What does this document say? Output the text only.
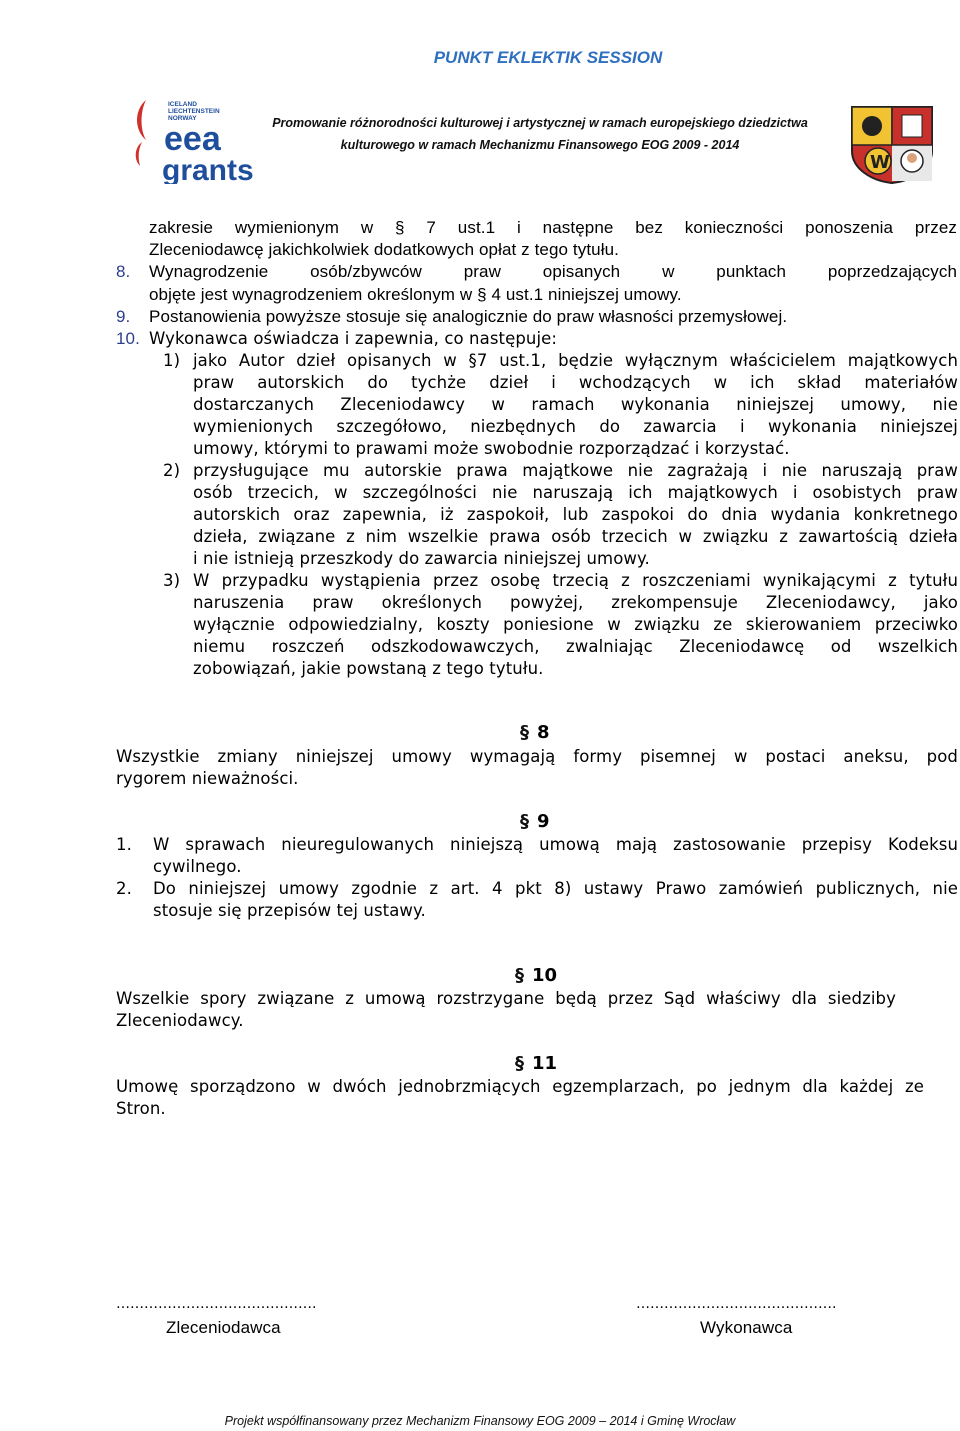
PUNKT EKLEKTIK SESSION
Promowanie różnorodności kulturowej i artystycznej w ramach europejskiego dziedzictwa
kulturowego w ramach Mechanizmu Finansowego EOG 2009 - 2014
ICELAND
LIECHTENSTEIN
NORWAY
eea
grants	W
zakresie wymienionym w § 7 ust.1 i następne bez konieczności ponoszenia przez
Zleceniodawcę jakichkolwiek dodatkowych opłat z tego tytułu.
8. Wynagrodzenie osób/zbywców praw opisanych w punktach poprzedzających
objęte jest wynagrodzeniem określonym w § 4 ust.1 niniejszej umowy.
9. Postanowienia powyższe stosuje się analogicznie do praw własności przemysłowej.
10. Wykonawca oświadcza i zapewnia, co następuje:
1) jako Autor dzieł opisanych w §7 ust.1, będzie wyłącznym właścicielem majątkowych
praw autorskich do tychże dzieł i wchodzących w ich skład materiałów
dostarczanych Zleceniodawcy w ramach wykonania niniejszej umowy, nie
wymienionych szczegółowo, niezbędnych do zawarcia i wykonania niniejszej
umowy, którymi to prawami może swobodnie rozporządzać i korzystać.
2) przysługujące mu autorskie prawa majątkowe nie zagrażają i nie naruszają praw
osób trzecich, w szczególności nie naruszają ich majątkowych i osobistych praw
autorskich oraz zapewnia, iż zaspokoił, lub zaspokoi do dnia wydania konkretnego
dzieła, związane z nim wszelkie prawa osób trzecich w związku z zawartością dzieła
i nie istnieją przeszkody do zawarcia niniejszej umowy.
3) W przypadku wystąpienia przez osobę trzecią z roszczeniami wynikającymi z tytułu
naruszenia praw określonych powyżej, zrekompensuje Zleceniodawcy, jako
wyłącznie odpowiedzialny, koszty poniesione w związku ze skierowaniem przeciwko
niemu roszczeń odszkodowawczych, zwalniając Zleceniodawcę od wszelkich
zobowiązań, jakie powstaną z tego tytułu.
§ 8
Wszystkie zmiany niniejszej umowy wymagają formy pisemnej w postaci aneksu, pod
rygorem nieważności.
§ 9
1. W sprawach nieuregulowanych niniejszą umową mają zastosowanie przepisy Kodeksu
cywilnego.
2. Do niniejszej umowy zgodnie z art. 4 pkt 8) ustawy Prawo zamówień publicznych, nie
stosuje się przepisów tej ustawy.
§ 10
Wszelkie spory związane z umową rozstrzygane będą przez Sąd właściwy dla siedziby
Zleceniodawcy.
§ 11
Umowę sporządzono w dwóch jednobrzmiących egzemplarzach, po jednym dla każdej ze
Stron.
…………………………………….	…………………………………….
Zleceniodawca	Wykonawca
Projekt współfinansowany przez Mechanizm Finansowy EOG 2009 – 2014 i Gminę Wrocław
